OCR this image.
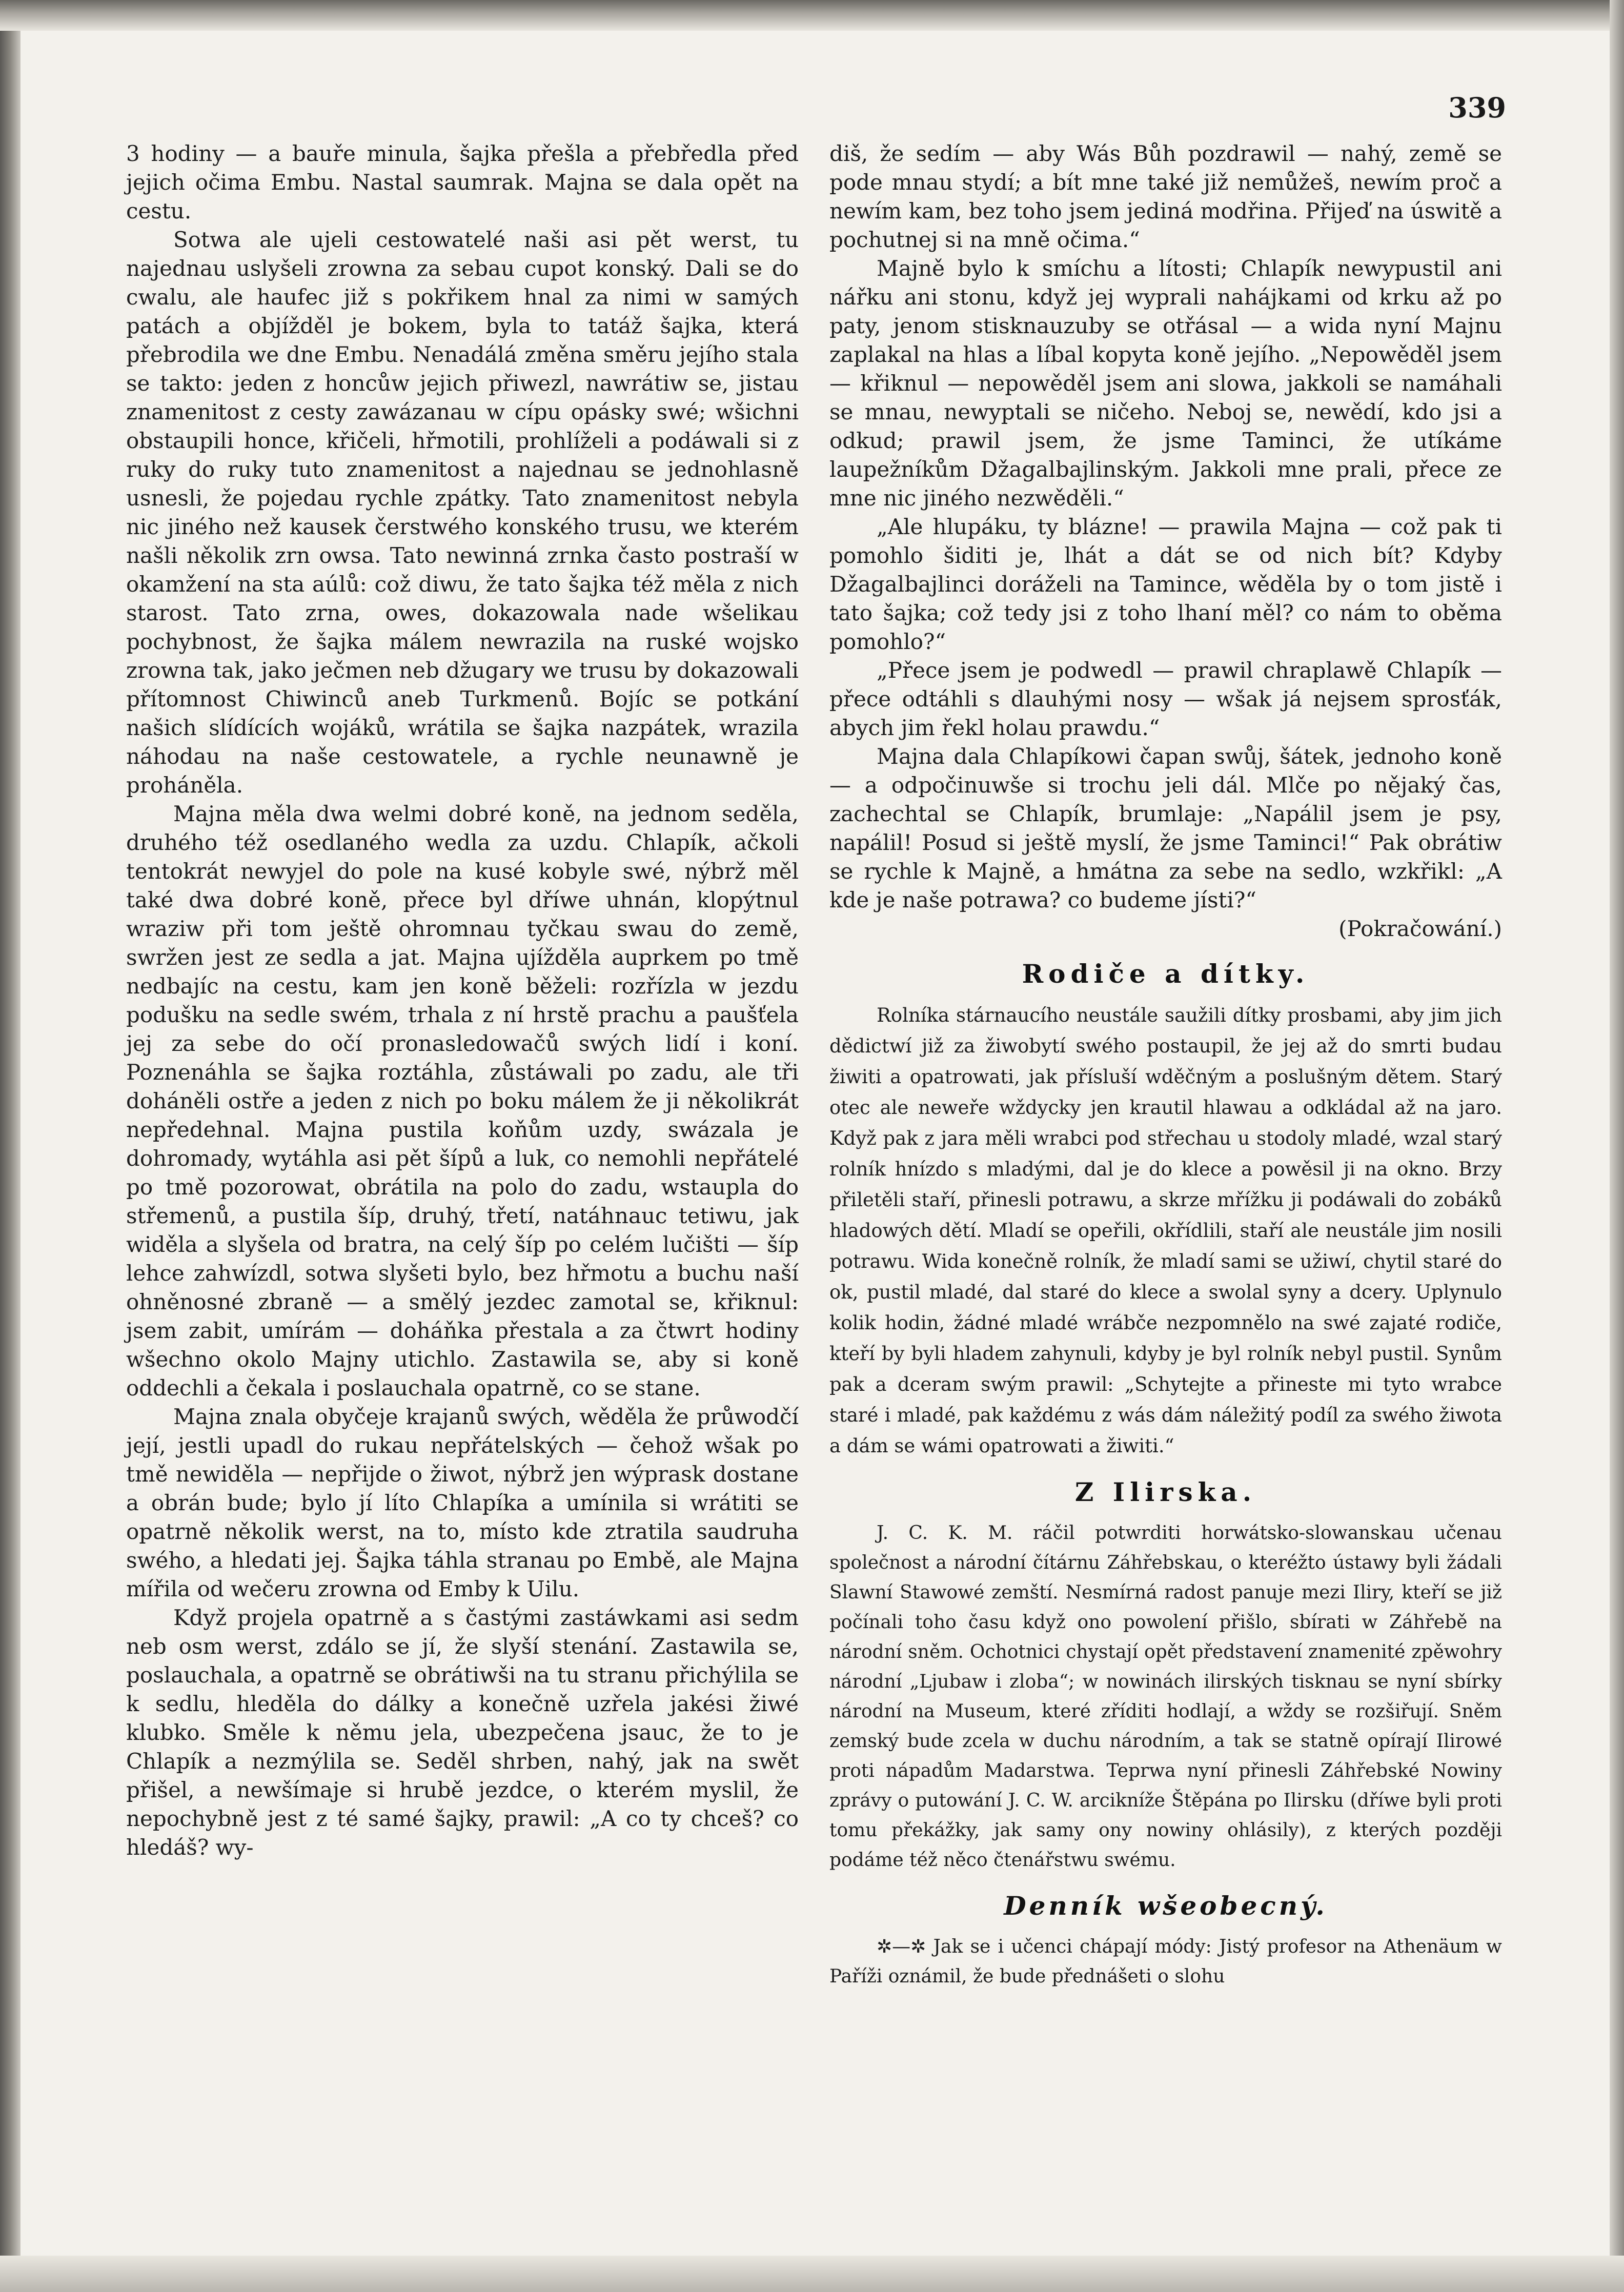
339

3 hodiny — a bauře minula, šajka přešla a přebředla před jejich očima Embu. Nastal saumrak. Majna se dala opět na cestu.

Sotwa ale ujeli cestowatelé naši asi pět werst, tu najednau uslyšeli zrowna za sebau cupot konský. Dali se do cwalu, ale haufec již s pokřikem hnal za nimi w samých patách a objížděl je bokem, byla to tatáž šajka, která přebrodila we dne Embu. Nenadálá změna směru jejího stala se takto: jeden z honcůw jejich přiwezl, nawrátiw se, jistau znamenitost z cesty zawázanau w cípu opásky swé; wšichni obstaupili honce, křičeli, hřmotili, prohlíželi a podáwali si z ruky do ruky tuto znamenitost a najednau se jednohlasně usnesli, že pojedau rychle zpátky. Tato znamenitost nebyla nic jiného než kausek čerstwého konského trusu, we kterém našli několik zrn owsa. Tato newinná zrnka často postraší w okamžení na sta aúlů: což diwu, že tato šajka též měla z nich starost. Tato zrna, owes, dokazowala nade wšelikau pochybnost, že šajka málem newrazila na ruské wojsko zrowna tak, jako ječmen neb džugary we trusu by dokazowali přítomnost Chiwinců aneb Turkmenů. Bojíc se potkání našich slídících wojáků, wrátila se šajka nazpátek, wrazila náhodau na naše cestowatele, a rychle neunawně je proháněla.

Majna měla dwa welmi dobré koně, na jednom seděla, druhého též osedlaného wedla za uzdu. Chlapík, ačkoli tentokrát newyjel do pole na kusé kobyle swé, nýbrž měl také dwa dobré koně, přece byl dříwe uhnán, klopýtnul wraziw při tom ještě ohromnau tyčkau swau do země, swržen jest ze sedla a jat. Majna ujížděla auprkem po tmě nedbajíc na cestu, kam jen koně běželi: rozřízla w jezdu podušku na sedle swém, trhala z ní hrstě prachu a paušťela jej za sebe do očí pronasledowačů swých lidí i koní. Poznenáhla se šajka roztáhla, zůstáwali po zadu, ale tři doháněli ostře a jeden z nich po boku málem že ji několikrát nepředehnal. Majna pustila koňům uzdy, swázala je dohromady, wytáhla asi pět šípů a luk, co nemohli nepřátelé po tmě pozorowat, obrátila na polo do zadu, wstaupla do střemenů, a pustila šíp, druhý, třetí, natáhnauc tetiwu, jak widěla a slyšela od bratra, na celý šíp po celém lučišti — šíp lehce zahwízdl, sotwa slyšeti bylo, bez hřmotu a buchu naší ohněnosné zbraně — a smělý jezdec zamotal se, křiknul: jsem zabit, umírám — doháňka přestala a za čtwrt hodiny wšechno okolo Majny utichlo. Zastawila se, aby si koně oddechli a čekala i poslauchala opatrně, co se stane.

Majna znala obyčeje krajanů swých, wěděla že průwodčí její, jestli upadl do rukau nepřátelských — čehož wšak po tmě newiděla — nepřijde o žiwot, nýbrž jen wýprask dostane a obrán bude; bylo jí líto Chlapíka a umínila si wrátiti se opatrně několik werst, na to, místo kde ztratila saudruha swého, a hledati jej. Šajka táhla stranau po Embě, ale Majna mířila od wečeru zrowna od Emby k Uilu.

Když projela opatrně a s častými zastáwkami asi sedm neb osm werst, zdálo se jí, že slyší stenání. Zastawila se, poslauchala, a opatrně se obrátiwši na tu stranu přichýlila se k sedlu, hleděla do dálky a konečně uzřela jakési žiwé klubko. Směle k němu jela, ubezpečena jsauc, že to je Chlapík a nezmýlila se. Seděl shrben, nahý, jak na swět přišel, a newšímaje si hrubě jezdce, o kterém myslil, že nepochybně jest z té samé šajky, prawil: „A co ty chceš? co hledáš? wy-

diš, že sedím — aby Wás Bůh pozdrawil — nahý, země se pode mnau stydí; a bít mne také již nemůžeš, newím proč a newím kam, bez toho jsem jediná modřina. Přijeď na úswitě a pochutnej si na mně očima.“

Majně bylo k smíchu a lítosti; Chlapík newypustil ani nářku ani stonu, když jej wyprali nahájkami od krku až po paty, jenom stisknauzuby se otřásal — a wida nyní Majnu zaplakal na hlas a líbal kopyta koně jejího. „Nepowěděl jsem — křiknul — nepowěděl jsem ani slowa, jakkoli se namáhali se mnau, newyptali se ničeho. Neboj se, newědí, kdo jsi a odkud; prawil jsem, že jsme Taminci, že utíkáme laupežníkům Džagalbajlinským. Jakkoli mne prali, přece ze mne nic jiného nezwěděli.“

„Ale hlupáku, ty blázne! — prawila Majna — což pak ti pomohlo šiditi je, lhát a dát se od nich bít? Kdyby Džagalbajlinci doráželi na Tamince, wěděla by o tom jistě i tato šajka; což tedy jsi z toho lhaní měl? co nám to oběma pomohlo?“

„Přece jsem je podwedl — prawil chraplawě Chlapík — přece odtáhli s dlauhými nosy — wšak já nejsem sprosťák, abych jim řekl holau prawdu.“

Majna dala Chlapíkowi čapan swůj, šátek, jednoho koně — a odpočinuwše si trochu jeli dál. Mlče po nějaký čas, zachechtal se Chlapík, brumlaje: „Napálil jsem je psy, napálil! Posud si ještě myslí, že jsme Taminci!“ Pak obrátiw se rychle k Majně, a hmátna za sebe na sedlo, wzkřikl: „A kde je naše potrawa? co budeme jísti?“

(Pokračowání.)
Rodiče a dítky.

Rolníka stárnaucího neustále saužili dítky prosbami, aby jim jich dědictwí již za žiwobytí swého postaupil, že jej až do smrti budau žiwiti a opatrowati, jak přísluší wděčným a poslušným dětem. Starý otec ale neweře wždycky jen krautil hlawau a odkládal až na jaro. Když pak z jara měli wrabci pod střechau u stodoly mladé, wzal starý rolník hnízdo s mladými, dal je do klece a powěsil ji na okno. Brzy přiletěli staří, přinesli potrawu, a skrze mřížku ji podáwali do zobáků hladowých dětí. Mladí se opeřili, okřídlili, staří ale neustále jim nosili potrawu. Wida konečně rolník, že mladí sami se užiwí, chytil staré do ok, pustil mladé, dal staré do klece a swolal syny a dcery. Uplynulo kolik hodin, žádné mladé wrábče nezpomnělo na swé zajaté rodiče, kteří by byli hladem zahynuli, kdyby je byl rolník nebyl pustil. Synům pak a dceram swým prawil: „Schytejte a přineste mi tyto wrabce staré i mladé, pak každému z wás dám náležitý podíl za swého žiwota a dám se wámi opatrowati a žiwiti.“

Z Ilirska.

J. C. K. M. ráčil potwrditi horwátsko-slowanskau učenau společnost a národní čítárnu Záhřebskau, o kteréžto ústawy byli žádali Slawní Stawowé zemští. Nesmírná radost panuje mezi Iliry, kteří se již počínali toho času když ono powolení přišlo, sbírati w Záhřebě na národní sněm. Ochotnici chystají opět představení znamenité zpěwohry národní „Ljubaw i zloba“; w nowinách ilirských tisknau se nyní sbírky národní na Museum, které zříditi hodlají, a wždy se rozšiřují. Sněm zemský bude zcela w duchu národním, a tak se statně opírají Ilirowé proti nápadům Madarstwa. Teprwa nyní přinesli Záhřebské Nowiny zprávy o putowání J. C. W. arcikníže Štěpána po Ilirsku (dříwe byli proti tomu překážky, jak samy ony nowiny ohlásily), z kterých později podáme též něco čtenářstwu swému.

Denník wšeobecný.

✲—✲ Jak se i učenci chápají módy: Jistý profesor na Athenäum w Paříži oznámil, že bude přednášeti o slohu
